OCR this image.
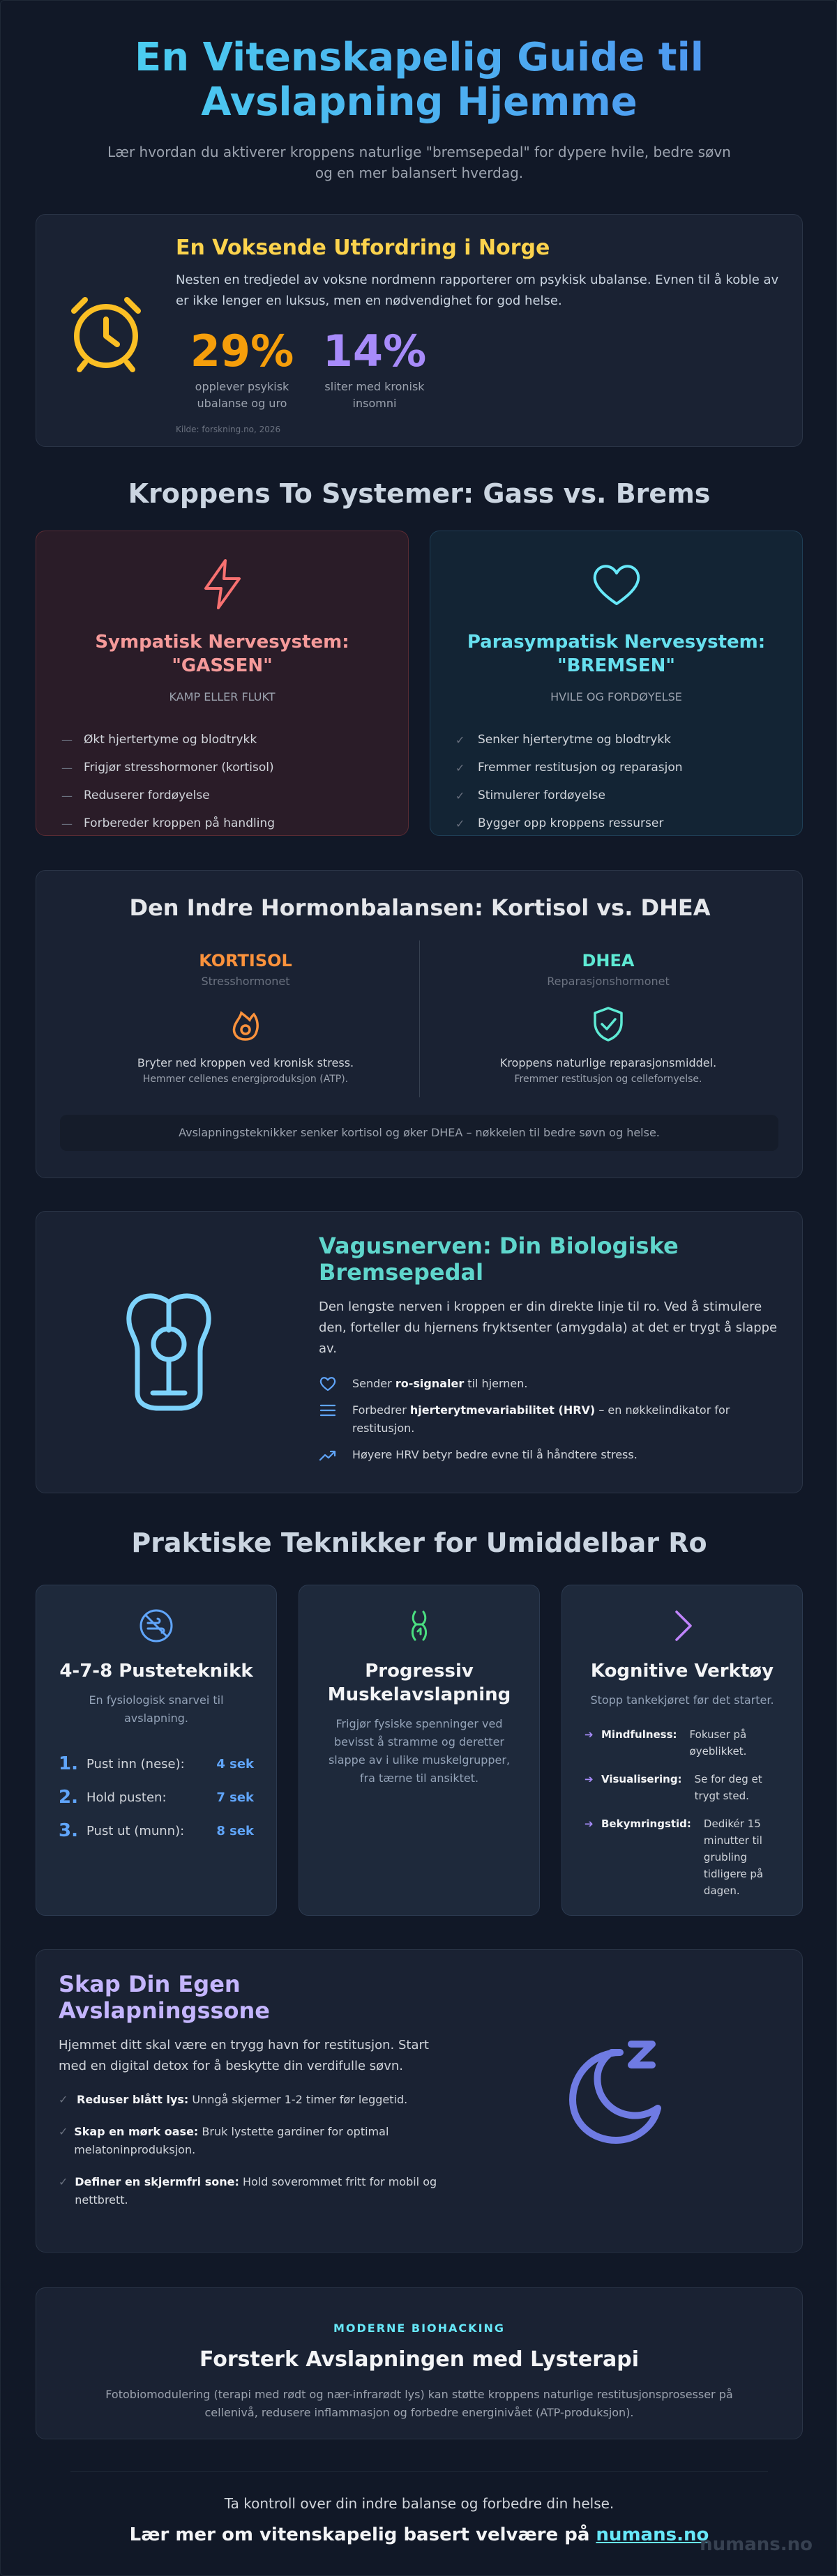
En Vitenskapelig Guide til Avslapning Hjemme

Lær hvordan du aktiverer kroppens naturlige "bremsepedal" for dypere hvile, bedre søvn og en mer balansert hverdag.

En Voksende Utfordring i Norge
Nesten en tredjedel av voksne nordmenn rapporterer om psykisk ubalanse. Evnen til å koble av er ikke lenger en luksus, men en nødvendighet for god helse.
29%
opplever psykisk ubalanse og uro
14%
sliter med kronisk insomni
Kilde: forskning.no, 2026
Kroppens To Systemer: Gass vs. Brems
Sympatisk Nervesystem: "GASSEN"
KAMP ELLER FLUKT
— Økt hjertertyme og blodtrykk
— Frigjør stresshormoner (kortisol)
— Reduserer fordøyelse
— Forbereder kroppen på handling
Parasympatisk Nervesystem: "BREMSEN"
HVILE OG FORDØYELSE
✓	Senker hjerterytme og blodtrykk
✓	Fremmer restitusjon og reparasjon
✓	Stimulerer fordøyelse
✓	Bygger opp kroppens ressurser
Den Indre Hormonbalansen: Kortisol vs. DHEA
KORTISOL
Stresshormonet
Bryter ned kroppen ved kronisk stress.
Hemmer cellenes energiproduksjon (ATP).
DHEA
Reparasjonshormonet
Kroppens naturlige reparasjonsmiddel.
Fremmer restitusjon og cellefornyelse.
Avslapningsteknikker senker kortisol og øker DHEA – nøkkelen til bedre søvn og helse.
Vagusnerven: Din Biologiske Bremsepedal
Den lengste nerven i kroppen er din direkte linje til ro. Ved å stimulere den, forteller du hjernens fryktsenter (amygdala) at det er trygt å slappe av.
Sender ro-signaler til hjernen.
Forbedrer hjerterytmevariabilitet (HRV) – en nøkkelindikator for restitusjon.
Høyere HRV betyr bedre evne til å håndtere stress.
Praktiske Teknikker for Umiddelbar Ro
4-7-8 Pusteteknikk
En fysiologisk snarvei til avslapning.
1. Pust inn (nese):	4 sek
2. Hold pusten:	7 sek
3. Pust ut (munn):	8 sek
Progressiv Muskelavslapning
Frigjør fysiske spenninger ved bevisst å stramme og deretter slappe av i ulike muskelgrupper, fra tærne til ansiktet.
Kognitive Verktøy
Stopp tankekjøret før det starter.
➔ Mindfulness:	Fokuser på øyeblikket.
➔ Visualisering:	Se for deg et trygt sted.
➔ Bekymringstid:	Dedikér 15 minutter til grubling tidligere på dagen.
Skap Din Egen Avslapningssone
Hjemmet ditt skal være en trygg havn for restitusjon. Start med en digital detox for å beskytte din verdifulle søvn.
✓ Reduser blått lys: Unngå skjermer 1-2 timer før leggetid.
✓ Skap en mørk oase: Bruk lystette gardiner for optimal melatoninproduksjon.
✓ Definer en skjermfri sone: Hold soverommet fritt for mobil og nettbrett.
MODERNE BIOHACKING
Forsterk Avslapningen med Lysterapi
Fotobiomodulering (terapi med rødt og nær-infrarødt lys) kan støtte kroppens naturlige restitusjonsprosesser på cellenivå, redusere inflammasjon og forbedre energinivået (ATP-produksjon).
Ta kontroll over din indre balanse og forbedre din helse.
Lær mer om vitenskapelig basert velvære på numans.no
numans.no
